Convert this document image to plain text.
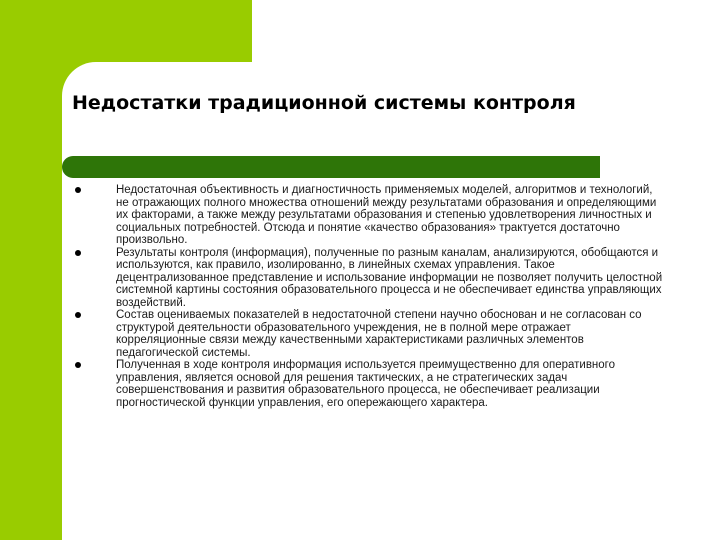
Недостатки традиционной системы контроля
Недостаточная объективность и диагностичность применяемых моделей, алгоритмов и технологий, не отражающих полного множества отношений между результатами образования и определяющими их факторами, а также между результатами образования и степенью удовлетворения личностных и социальных потребностей. Отсюда и понятие «качество образования» трактуется достаточно произвольно.
Результаты контроля (информация), полученные по разным каналам, анализируются, обобщаются и используются, как правило, изолированно, в линейных схемах управления. Такое децентрализованное представление и использование информации не позволяет получить целостной системной картины состояния образовательного процесса и не обеспечивает единства управляющих воздействий.
Состав оцениваемых показателей в недостаточной степени научно обоснован и не согласован со структурой деятельности образовательного учреждения, не в полной мере отражает корреляционные связи между качественными характеристиками различных элементов педагогической системы.
Полученная в ходе контроля информация используется преимущественно для оперативного управления, является основой для решения тактических, а не стратегических задач совершенствования и развития образовательного процесса, не обеспечивает реализации прогностической функции управления, его опережающего характера.
